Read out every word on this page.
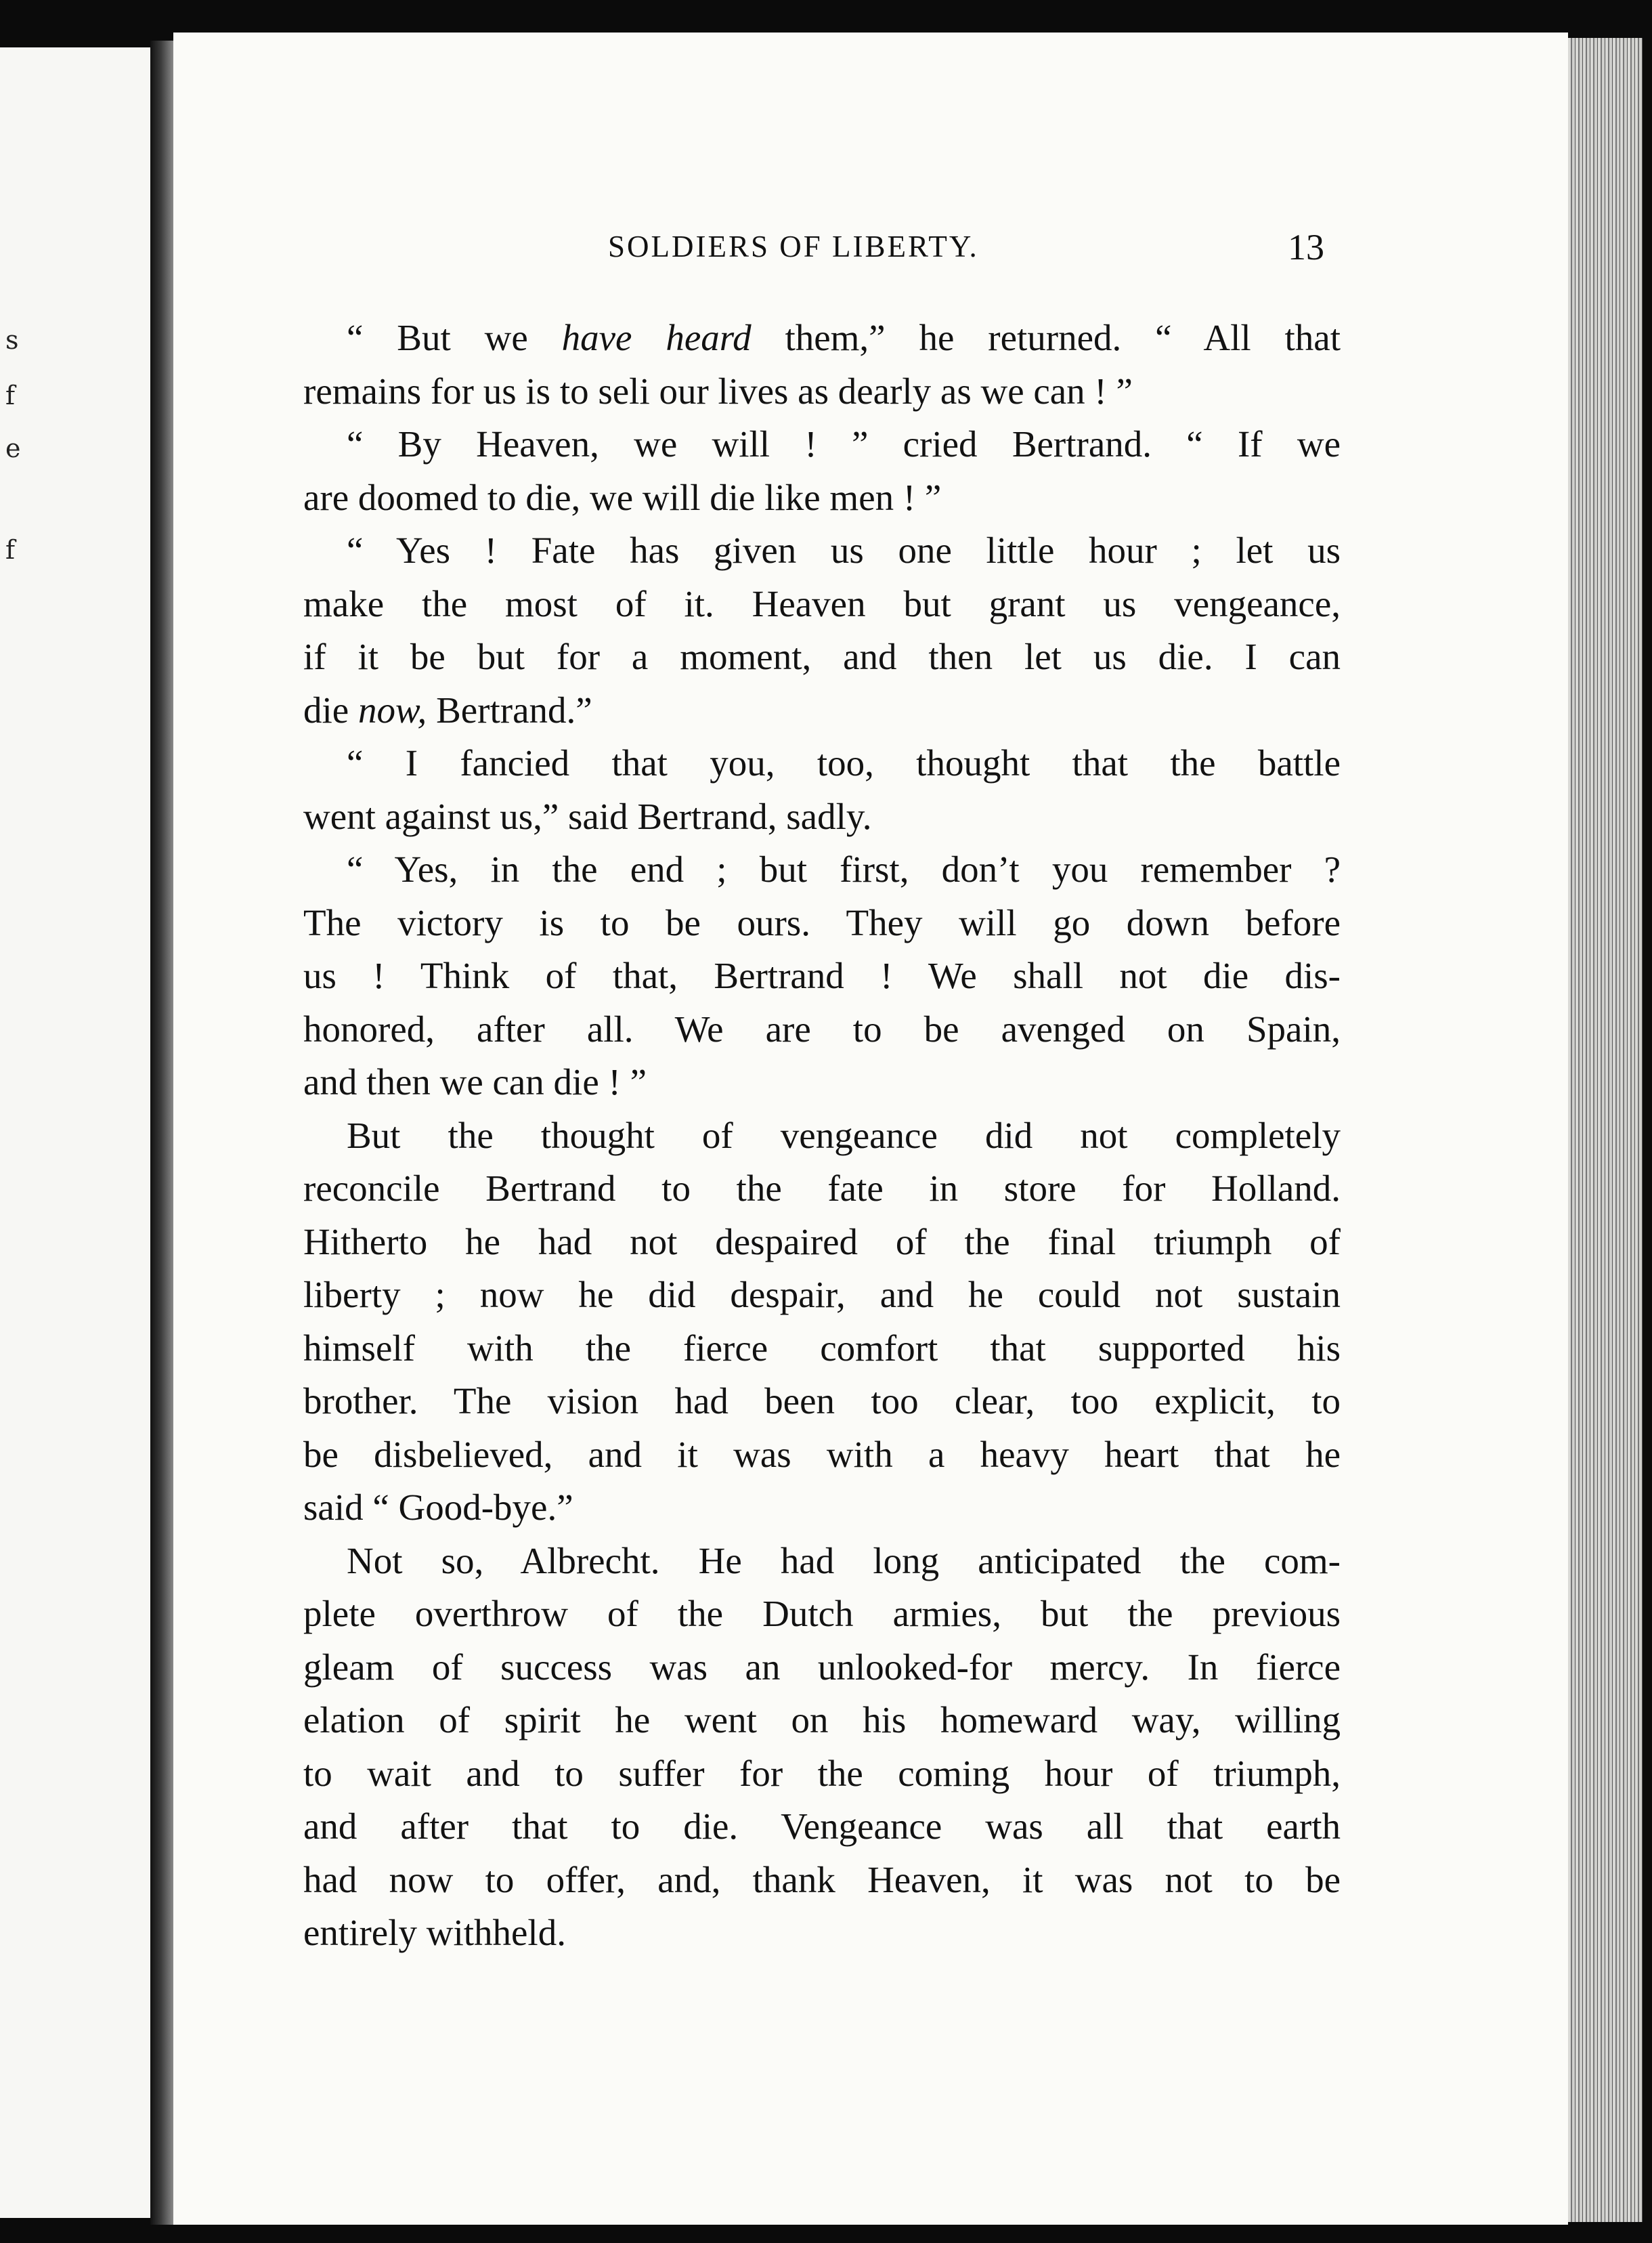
s
f
e
f
SOLDIERS OF LIBERTY.	13
“ But we have heard them,” he returned. “ All that
remains for us is to seli our lives as dearly as we can ! ”
“ By Heaven, we will ! ” cried Bertrand. “ If we
are doomed to die, we will die like men ! ”
“ Yes ! Fate has given us one little hour ; let us
make the most of it. Heaven but grant us vengeance,
if it be but for a moment, and then let us die. I can
die now, Bertrand.”
“ I fancied that you, too, thought that the battle
went against us,” said Bertrand, sadly.
“ Yes, in the end ; but first, don’t you remember ?
The victory is to be ours. They will go down before
us ! Think of that, Bertrand ! We shall not die dis-
honored, after all. We are to be avenged on Spain,
and then we can die ! ”
But the thought of vengeance did not completely
reconcile Bertrand to the fate in store for Holland.
Hitherto he had not despaired of the final triumph of
liberty ; now he did despair, and he could not sustain
himself with the fierce comfort that supported his
brother. The vision had been too clear, too explicit, to
be disbelieved, and it was with a heavy heart that he
said “ Good-bye.”
Not so, Albrecht. He had long anticipated the com-
plete overthrow of the Dutch armies, but the previous
gleam of success was an unlooked-for mercy. In fierce
elation of spirit he went on his homeward way, willing
to wait and to suffer for the coming hour of triumph,
and after that to die. Vengeance was all that earth
had now to offer, and, thank Heaven, it was not to be
entirely withheld.
